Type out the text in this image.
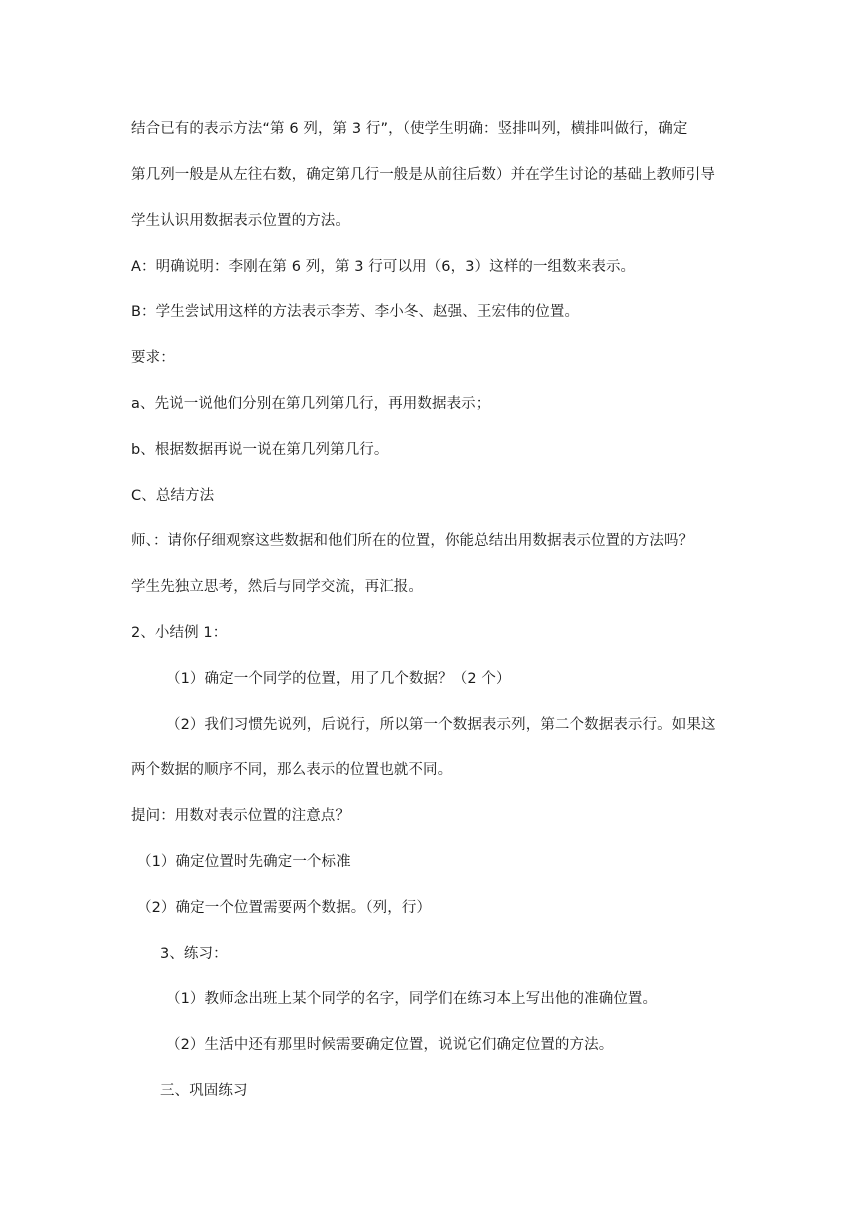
结合已有的表示方法“第 6 列，第 3 行”，（使学生明确：竖排叫列，横排叫做行，确定
第几列一般是从左往右数，确定第几行一般是从前往后数）并在学生讨论的基础上教师引导
学生认识用数据表示位置的方法。
A：明确说明：李刚在第 6 列，第 3 行可以用（6，3）这样的一组数来表示。
B：学生尝试用这样的方法表示李芳、李小冬、赵强、王宏伟的位置。
要求：
a、先说一说他们分别在第几列第几行，再用数据表示；
b、根据数据再说一说在第几列第几行。
C、总结方法
师、：请你仔细观察这些数据和他们所在的位置，你能总结出用数据表示位置的方法吗？
学生先独立思考，然后与同学交流，再汇报。
2、小结例 1：
（1）确定一个同学的位置，用了几个数据？（2 个）
（2）我们习惯先说列，后说行，所以第一个数据表示列，第二个数据表示行。如果这
两个数据的顺序不同，那么表示的位置也就不同。
提问：用数对表示位置的注意点？
（1）确定位置时先确定一个标准
（2）确定一个位置需要两个数据。（列，行）
3、练习：
（1）教师念出班上某个同学的名字，同学们在练习本上写出他的准确位置。
（2）生活中还有那里时候需要确定位置，说说它们确定位置的方法。
三、巩固练习
